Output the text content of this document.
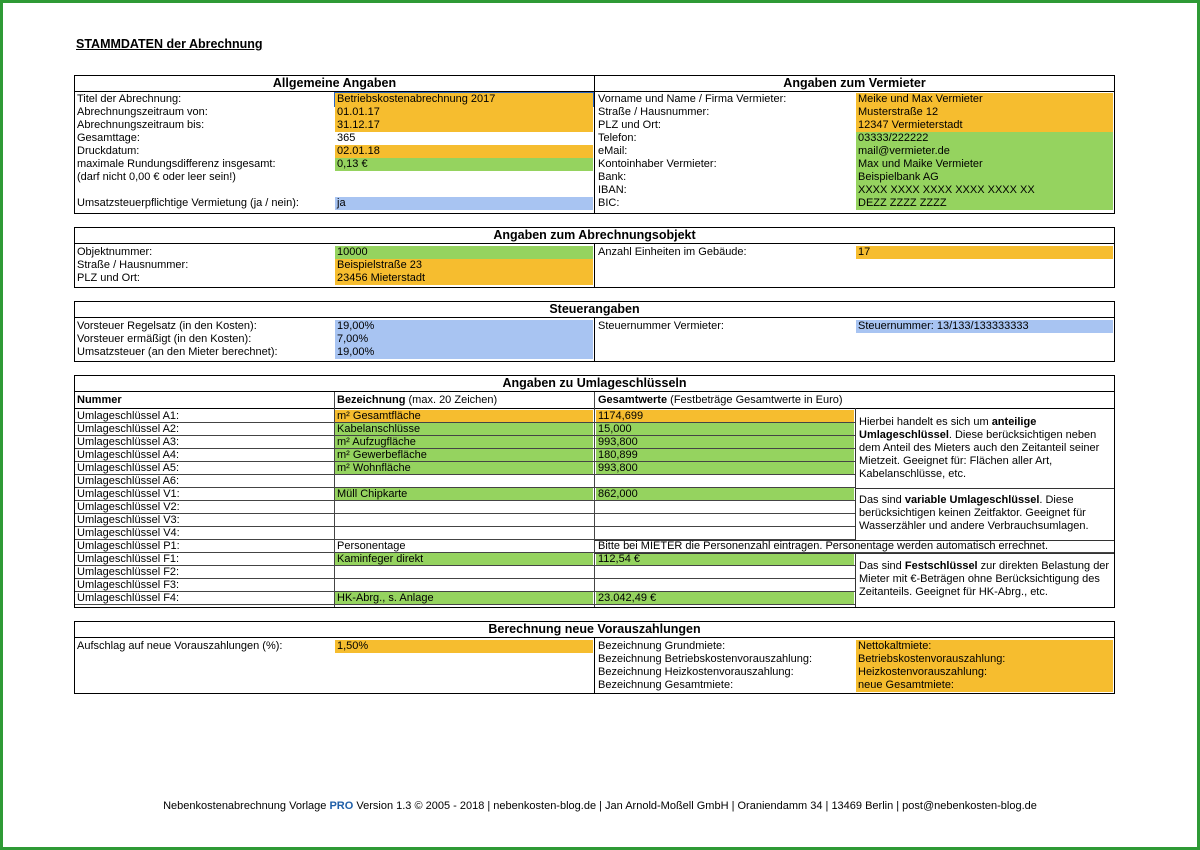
STAMMDATEN der Abrechnung
Allgemeine Angaben	Angaben zum Vermieter
Titel der Abrechnung:	Betriebskostenabrechnung 2017
Abrechnungszeitraum von:	01.01.17
Abrechnungszeitraum bis:	31.12.17
Gesamttage:	365
Druckdatum:	02.01.18
maximale Rundungsdifferenz insgesamt:	0,13 €
(darf nicht 0,00 € oder leer sein!)
Umsatzsteuerpflichtige Vermietung (ja / nein):	ja
Vorname und Name / Firma Vermieter:	Meike und Max Vermieter
Straße / Hausnummer:	Musterstraße 12
PLZ und Ort:	12347 Vermieterstadt
Telefon:	03333/222222
eMail:	mail@vermieter.de
Kontoinhaber Vermieter:	Max und Maike Vermieter
Bank:	Beispielbank AG
IBAN:	XXXX XXXX XXXX XXXX XXXX XX
BIC:	DEZZ ZZZZ ZZZZ
Angaben zum Abrechnungsobjekt
Objektnummer:	10000
Straße / Hausnummer:	Beispielstraße 23
PLZ und Ort:	23456 Mieterstadt
Anzahl Einheiten im Gebäude:	17
Steuerangaben
Vorsteuer Regelsatz (in den Kosten):	19,00%
Vorsteuer ermäßigt (in den Kosten):	7,00%
Umsatzsteuer (an den Mieter berechnet):	19,00%
Steuernummer Vermieter:	Steuernummer: 13/133/133333333
Angaben zu Umlageschlüsseln
Nummer	Bezeichnung (max. 20 Zeichen)	Gesamtwerte (Festbeträge Gesamtwerte in Euro)
Umlageschlüssel A1:	m² Gesamtfläche	1174,699
Umlageschlüssel A2:	Kabelanschlüsse	15,000
Umlageschlüssel A3:	m² Aufzugfläche	993,800
Umlageschlüssel A4:	m² Gewerbefläche	180,899
Umlageschlüssel A5:	m² Wohnfläche	993,800
Umlageschlüssel A6:
Umlageschlüssel V1:	Müll Chipkarte	862,000
Umlageschlüssel V2:
Umlageschlüssel V3:
Umlageschlüssel V4:
Umlageschlüssel P1:	Personentage	Bitte bei MIETER die Personenzahl eintragen. Personentage werden automatisch errechnet.
Umlageschlüssel F1:	Kaminfeger direkt	112,54 €
Umlageschlüssel F2:
Umlageschlüssel F3:
Umlageschlüssel F4:	HK-Abrg., s. Anlage	23.042,49 €
Hierbei handelt es sich um anteilige Umlageschlüssel. Diese berücksichtigen neben dem Anteil des Mieters auch den Zeitanteil seiner Mietzeit. Geeignet für: Flächen aller Art, Kabelanschlüsse, etc.
Das sind variable Umlageschlüssel. Diese berücksichtigen keinen Zeitfaktor. Geeignet für Wasserzähler und andere Verbrauchsumlagen.
Das sind Festschlüssel zur direkten Belastung der Mieter mit €-Beträgen ohne Berücksichtigung des Zeitanteils. Geeignet für HK-Abrg., etc.
Berechnung neue Vorauszahlungen
Aufschlag auf neue Vorauszahlungen (%):	1,50%	Bezeichnung Grundmiete:	Nettokaltmiete:
Bezeichnung Betriebskostenvorauszahlung:	Betriebskostenvorauszahlung:
Bezeichnung Heizkostenvorauszahlung:	Heizkostenvorauszahlung:
Bezeichnung Gesamtmiete:	neue Gesamtmiete:
Nebenkostenabrechnung Vorlage PRO Version 1.3 © 2005 - 2018 | nebenkosten-blog.de | Jan Arnold-Moßell GmbH | Oraniendamm 34 | 13469 Berlin | post@nebenkosten-blog.de
